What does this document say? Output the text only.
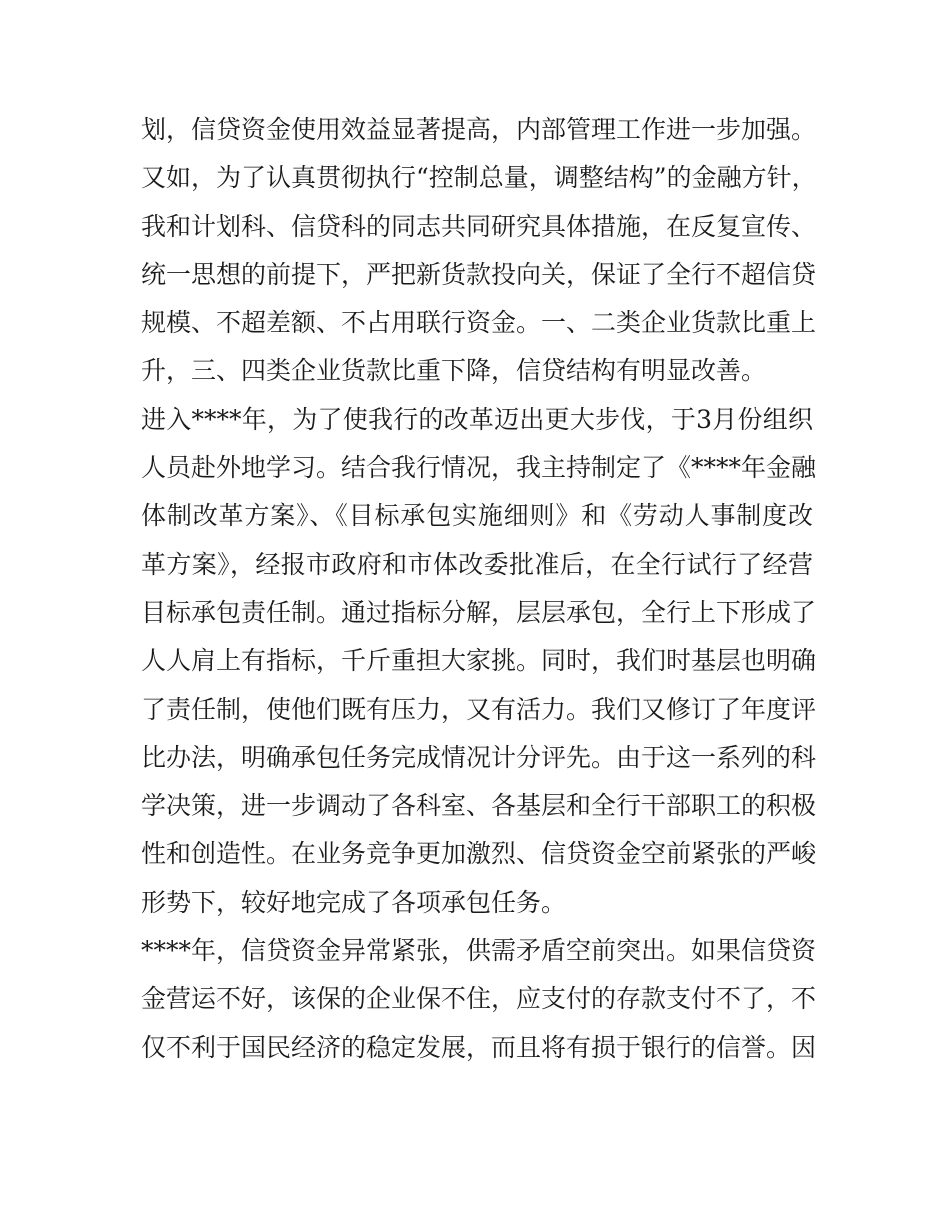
划，信贷资金使用效益显著提高，内部管理工作进一步加强。
又如，为了认真贯彻执行“控制总量，调整结构”的金融方针，
我和计划科、信贷科的同志共同研究具体措施，在反复宣传、
统一思想的前提下，严把新货款投向关，保证了全行不超信贷
规模、不超差额、不占用联行资金。一、二类企业货款比重上
升，三、四类企业货款比重下降，信贷结构有明显改善。
进入****年，为了使我行的改革迈出更大步伐，于3月份组织
人员赴外地学习。结合我行情况，我主持制定了《****年金融
体制改革方案》、《目标承包实施细则》和《劳动人事制度改
革方案》，经报市政府和市体改委批准后，在全行试行了经营
目标承包责任制。通过指标分解，层层承包，全行上下形成了
人人肩上有指标，千斤重担大家挑。同时，我们时基层也明确
了责任制，使他们既有压力，又有活力。我们又修订了年度评
比办法，明确承包任务完成情况计分评先。由于这一系列的科
学决策，进一步调动了各科室、各基层和全行干部职工的积极
性和创造性。在业务竞争更加激烈、信贷资金空前紧张的严峻
形势下，较好地完成了各项承包任务。
****年，信贷资金异常紧张，供需矛盾空前突出。如果信贷资
金营运不好，该保的企业保不住，应支付的存款支付不了，不
仅不利于国民经济的稳定发展，而且将有损于银行的信誉。因
